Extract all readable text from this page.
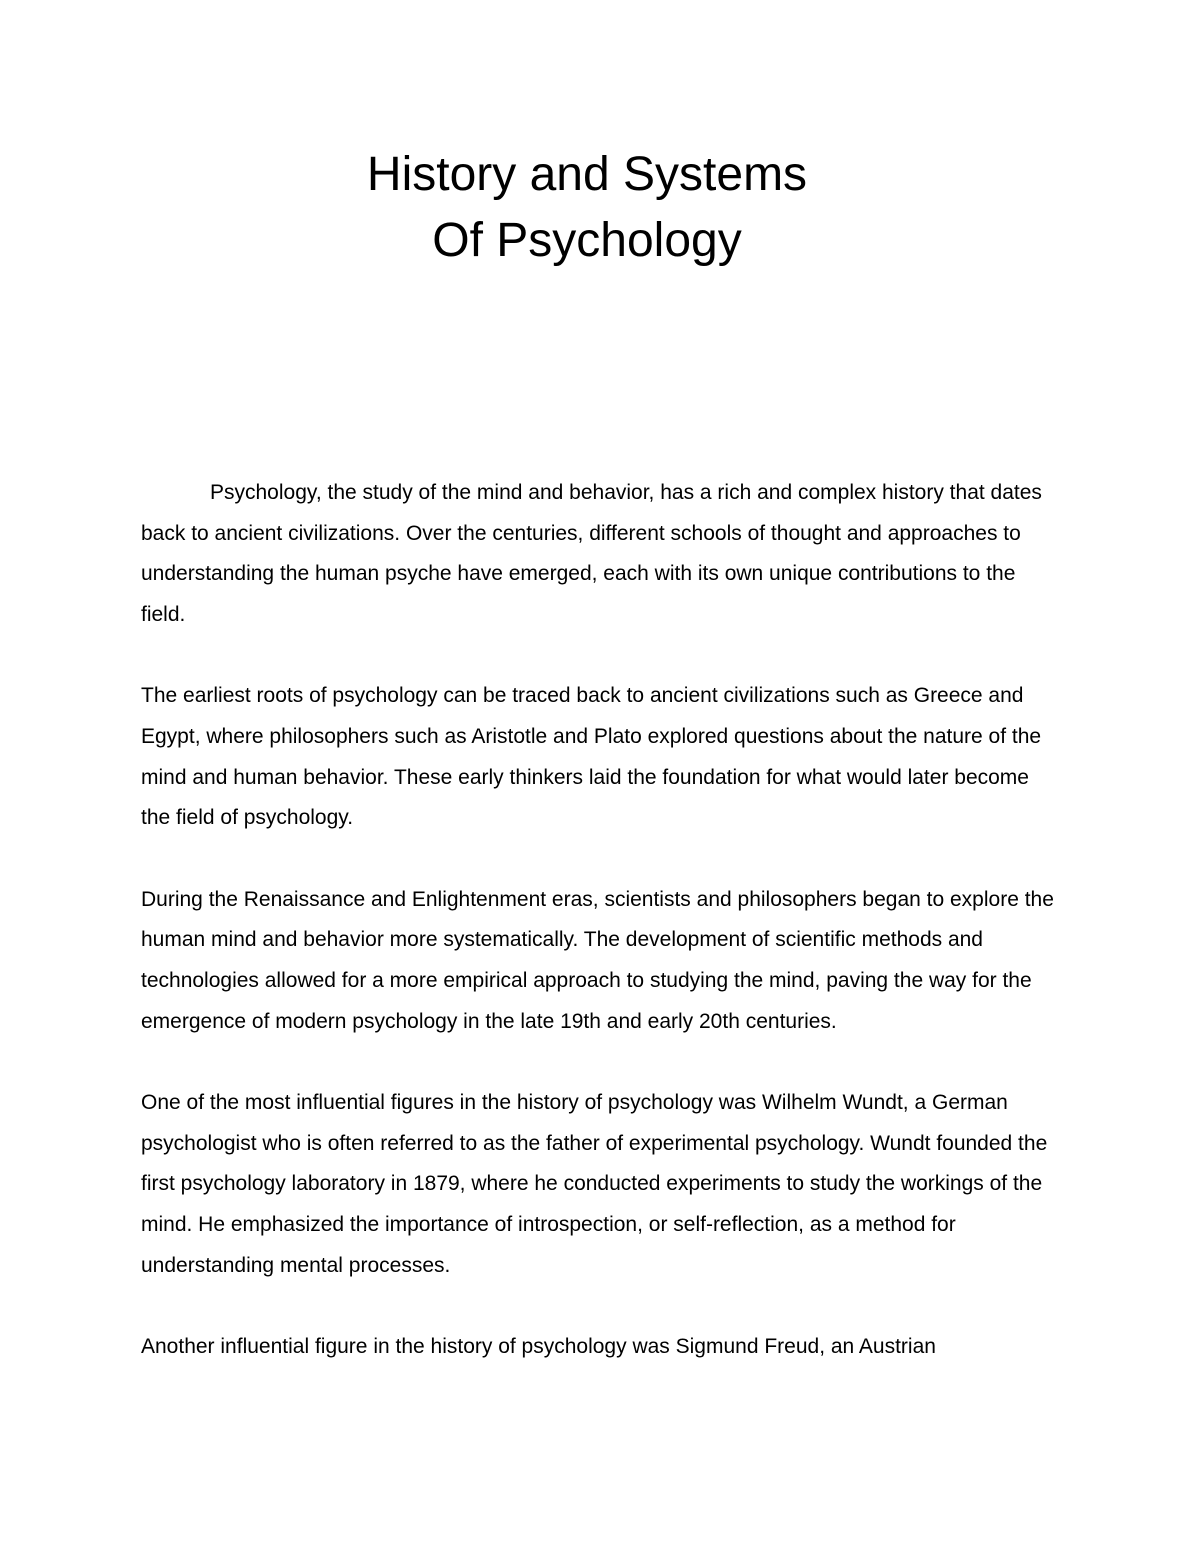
History and Systems
Of Psychology

Psychology, the study of the mind and behavior, has a rich and complex history that dates back to ancient civilizations. Over the centuries, different schools of thought and approaches to understanding the human psyche have emerged, each with its own unique contributions to the field.

The earliest roots of psychology can be traced back to ancient civilizations such as Greece and Egypt, where philosophers such as Aristotle and Plato explored questions about the nature of the mind and human behavior. These early thinkers laid the foundation for what would later become the field of psychology.

During the Renaissance and Enlightenment eras, scientists and philosophers began to explore the human mind and behavior more systematically. The development of scientific methods and technologies allowed for a more empirical approach to studying the mind, paving the way for the emergence of modern psychology in the late 19th and early 20th centuries.

One of the most influential figures in the history of psychology was Wilhelm Wundt, a German psychologist who is often referred to as the father of experimental psychology. Wundt founded the first psychology laboratory in 1879, where he conducted experiments to study the workings of the mind. He emphasized the importance of introspection, or self-reflection, as a method for understanding mental processes.

Another influential figure in the history of psychology was Sigmund Freud, an Austrian
